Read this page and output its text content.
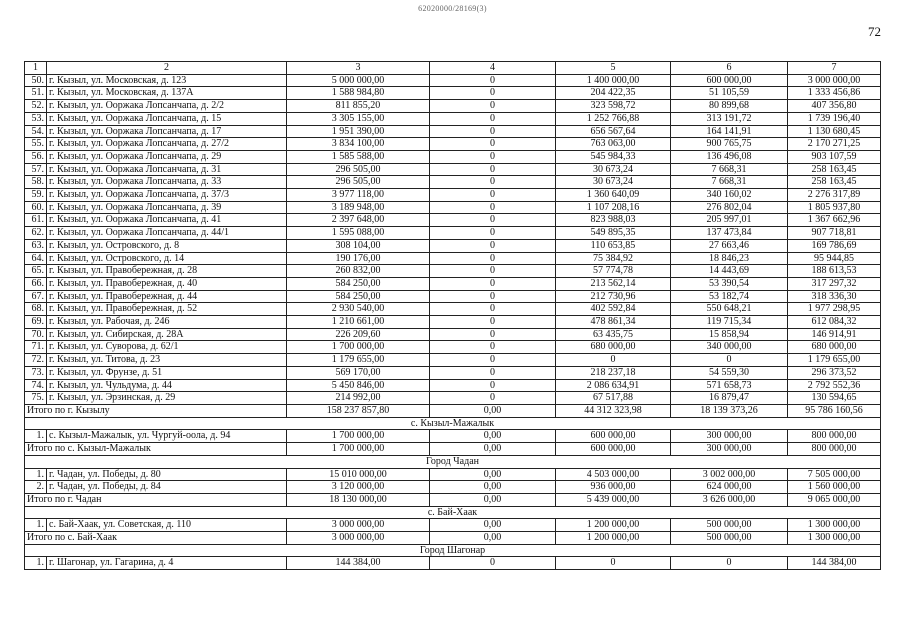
62020000/28169(3)
72
1	2	3	4	5	6	7
50.	г. Кызыл, ул. Московская, д. 123	5 000 000,00	0	1 400 000,00	600 000,00	3 000 000,00
51.	г. Кызыл, ул. Московская, д. 137А	1 588 984,80	0	204 422,35	51 105,59	1 333 456,86
52.	г. Кызыл, ул. Ооржака Лопсанчапа, д. 2/2	811 855,20	0	323 598,72	80 899,68	407 356,80
53.	г. Кызыл, ул. Ооржака Лопсанчапа, д. 15	3 305 155,00	0	1 252 766,88	313 191,72	1 739 196,40
54.	г. Кызыл, ул. Ооржака Лопсанчапа, д. 17	1 951 390,00	0	656 567,64	164 141,91	1 130 680,45
55.	г. Кызыл, ул. Ооржака Лопсанчапа, д. 27/2	3 834 100,00	0	763 063,00	900 765,75	2 170 271,25
56.	г. Кызыл, ул. Ооржака Лопсанчапа, д. 29	1 585 588,00	0	545 984,33	136 496,08	903 107,59
57.	г. Кызыл, ул. Ооржака Лопсанчапа, д. 31	296 505,00	0	30 673,24	7 668,31	258 163,45
58.	г. Кызыл, ул. Ооржака Лопсанчапа, д. 33	296 505,00	0	30 673,24	7 668,31	258 163,45
59.	г. Кызыл, ул. Ооржака Лопсанчапа, д. 37/3	3 977 118,00	0	1 360 640,09	340 160,02	2 276 317,89
60.	г. Кызыл, ул. Ооржака Лопсанчапа, д. 39	3 189 948,00	0	1 107 208,16	276 802,04	1 805 937,80
61.	г. Кызыл, ул. Ооржака Лопсанчапа, д. 41	2 397 648,00	0	823 988,03	205 997,01	1 367 662,96
62.	г. Кызыл, ул. Ооржака Лопсанчапа, д. 44/1	1 595 088,00	0	549 895,35	137 473,84	907 718,81
63.	г. Кызыл, ул. Островского, д. 8	308 104,00	0	110 653,85	27 663,46	169 786,69
64.	г. Кызыл, ул. Островского, д. 14	190 176,00	0	75 384,92	18 846,23	95 944,85
65.	г. Кызыл, ул. Правобережная, д. 28	260 832,00	0	57 774,78	14 443,69	188 613,53
66.	г. Кызыл, ул. Правобережная, д. 40	584 250,00	0	213 562,14	53 390,54	317 297,32
67.	г. Кызыл, ул. Правобережная, д. 44	584 250,00	0	212 730,96	53 182,74	318 336,30
68.	г. Кызыл, ул. Правобережная, д. 52	2 930 540,00	0	402 592,84	550 648,21	1 977 298,95
69.	г. Кызыл, ул. Рабочая, д. 246	1 210 661,00	0	478 861,34	119 715,34	612 084,32
70.	г. Кызыл, ул. Сибирская, д. 28А	226 209,60	0	63 435,75	15 858,94	146 914,91
71.	г. Кызыл, ул. Суворова, д. 62/1	1 700 000,00	0	680 000,00	340 000,00	680 000,00
72.	г. Кызыл, ул. Титова, д. 23	1 179 655,00	0	0	0	1 179 655,00
73.	г. Кызыл, ул. Фрунзе, д. 51	569 170,00	0	218 237,18	54 559,30	296 373,52
74.	г. Кызыл, ул. Чульдума, д. 44	5 450 846,00	0	2 086 634,91	571 658,73	2 792 552,36
75.	г. Кызыл, ул. Эрзинская, д. 29	214 992,00	0	67 517,88	16 879,47	130 594,65
Итого по г. Кызылу		158 237 857,80	0,00	44 312 323,98	18 139 373,26	95 786 160,56
с. Кызыл-Мажалык						
1.	с. Кызыл-Мажалык, ул. Чургуй-оола, д. 94	1 700 000,00	0,00	600 000,00	300 000,00	800 000,00
Итого по с. Кызыл-Мажалык		1 700 000,00	0,00	600 000,00	300 000,00	800 000,00
Город Чадан						
1.	г. Чадан, ул. Победы, д. 80	15 010 000,00	0,00	4 503 000,00	3 002 000,00	7 505 000,00
2.	г. Чадан, ул. Победы, д. 84	3 120 000,00	0,00	936 000,00	624 000,00	1 560 000,00
Итого по г. Чадан		18 130 000,00	0,00	5 439 000,00	3 626 000,00	9 065 000,00
с. Бай-Хаак						
1.	с. Бай-Хаак, ул. Советская, д. 110	3 000 000,00	0,00	1 200 000,00	500 000,00	1 300 000,00
Итого по с. Бай-Хаак		3 000 000,00	0,00	1 200 000,00	500 000,00	1 300 000,00
Город Шагонар						
1.	г. Шагонар, ул. Гагарина, д. 4	144 384,00	0	0	0	144 384,00
